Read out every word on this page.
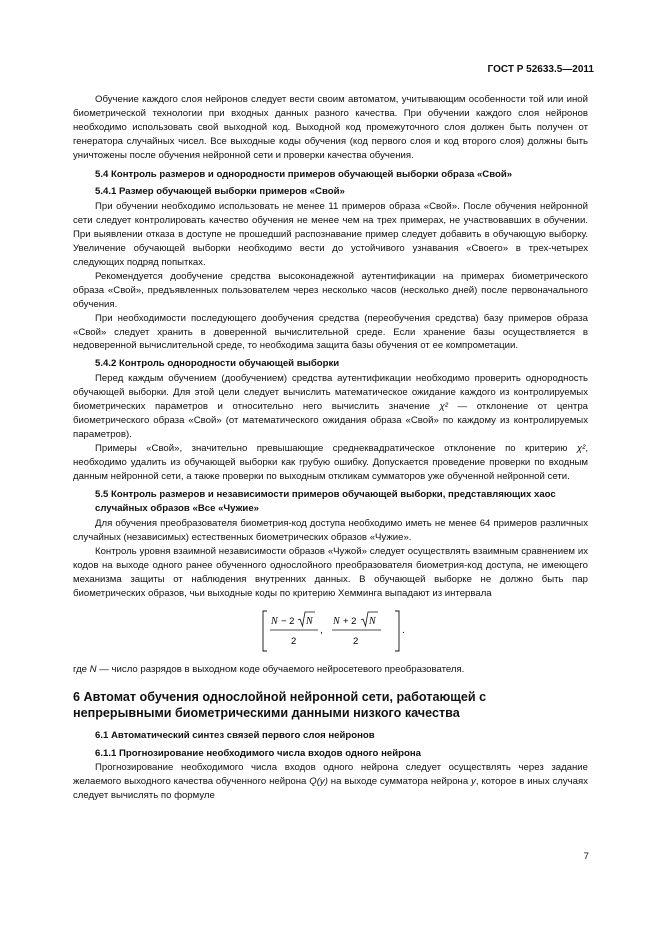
ГОСТ Р 52633.5—2011

Обучение каждого слоя нейронов следует вести своим автоматом, учитывающим особенности той или иной биометрической технологии при входных данных разного качества. При обучении каждого слоя нейронов необходимо использовать свой выходной код. Выходной код промежуточного слоя должен быть получен от генератора случайных чисел. Все выходные коды обучения (код первого слоя и код второго слоя) должны быть уничтожены после обучения нейронной сети и проверки качества обучения.

5.4 Контроль размеров и однородности примеров обучающей выборки образа «Свой»
5.4.1 Размер обучающей выборки примеров «Свой»

При обучении необходимо использовать не менее 11 примеров образа «Свой». После обучения нейронной сети следует контролировать качество обучения не менее чем на трех примерах, не участвовавших в обучении. При выявлении отказа в доступе не прошедший распознавание пример следует добавить в обучающую выборку. Увеличение обучающей выборки необходимо вести до устойчивого узнавания «Своего» в трех-четырех следующих подряд попытках.

Рекомендуется дообучение средства высоконадежной аутентификации на примерах биометрического образа «Свой», предъявленных пользователем через несколько часов (несколько дней) после первоначального обучения.

При необходимости последующего дообучения средства (переобучения средства) базу примеров образа «Свой» следует хранить в доверенной вычислительной среде. Если хранение базы осуществляется в недоверенной вычислительной среде, то необходима защита базы обучения от ее компрометации.

5.4.2 Контроль однородности обучающей выборки

Перед каждым обучением (дообучением) средства аутентификации необходимо проверить однородность обучающей выборки. Для этой цели следует вычислить математическое ожидание каждого из контролируемых биометрических параметров и относительно него вычислить значение χ² — отклонение от центра биометрического образа «Свой» (от математического ожидания образа «Свой» по каждому из контролируемых параметров).

Примеры «Свой», значительно превышающие среднеквадратическое отклонение по критерию χ², необходимо удалить из обучающей выборки как грубую ошибку. Допускается проведение проверки по входным данным нейронной сети, а также проверки по выходным откликам сумматоров уже обученной нейронной сети.

5.5 Контроль размеров и независимости примеров обучающей выборки, представляющих хаос случайных образов «Все «Чужие»

Для обучения преобразователя биометрия-код доступа необходимо иметь не менее 64 примеров различных случайных (независимых) естественных биометрических образов «Чужие».

Контроль уровня взаимной независимости образов «Чужой» следует осуществлять взаимным сравнением их кодов на выходе одного ранее обученного однослойного преобразователя биометрия-код доступа, не имеющего механизма защиты от наблюдения внутренних данных. В обучающей выборке не должно быть пар биометрических образов, чьи выходные коды по критерию Хемминга выпадают из интервала

N − 2 N
2
,
N + 2 N
2
.

где N — число разрядов в выходном коде обучаемого нейросетевого преобразователя.

6 Автомат обучения однослойной нейронной сети, работающей с непрерывными биометрическими данными низкого качества
6.1 Автоматический синтез связей первого слоя нейронов
6.1.1 Прогнозирование необходимого числа входов одного нейрона

Прогнозирование необходимого числа входов одного нейрона следует осуществлять через задание желаемого выходного качества обученного нейрона Q(y) на выходе сумматора нейрона y, которое в иных случаях следует вычислять по формуле

7
